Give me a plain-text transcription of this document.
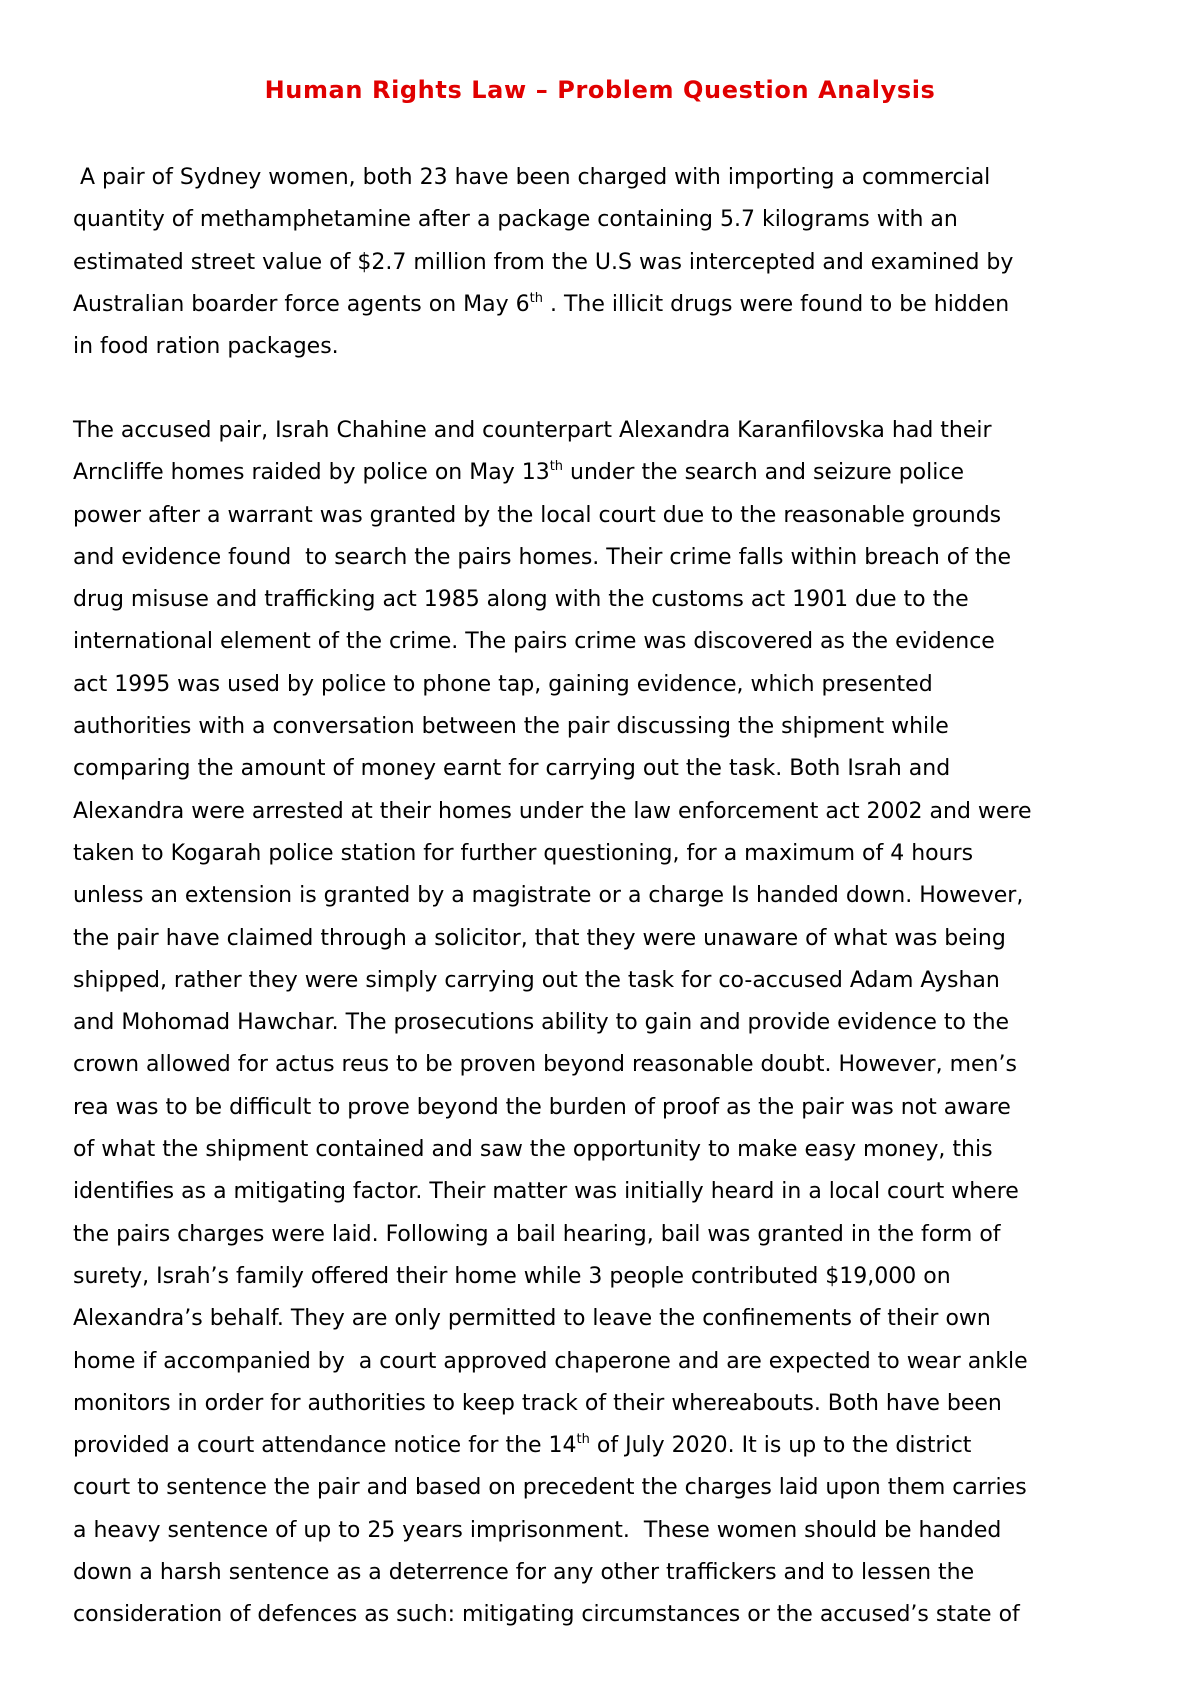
Human Rights Law – Problem Question Analysis
A pair of Sydney women, both 23 have been charged with importing a commercial
quantity of methamphetamine after a package containing 5.7 kilograms with an
estimated street value of $2.7 million from the U.S was intercepted and examined by
Australian boarder force agents on May 6th . The illicit drugs were found to be hidden
in food ration packages.
The accused pair, Israh Chahine and counterpart Alexandra Karanfilovska had their
Arncliffe homes raided by police on May 13th under the search and seizure police
power after a warrant was granted by the local court due to the reasonable grounds
and evidence found  to search the pairs homes. Their crime falls within breach of the
drug misuse and trafficking act 1985 along with the customs act 1901 due to the
international element of the crime. The pairs crime was discovered as the evidence
act 1995 was used by police to phone tap, gaining evidence, which presented
authorities with a conversation between the pair discussing the shipment while
comparing the amount of money earnt for carrying out the task. Both Israh and
Alexandra were arrested at their homes under the law enforcement act 2002 and were
taken to Kogarah police station for further questioning, for a maximum of 4 hours
unless an extension is granted by a magistrate or a charge Is handed down. However,
the pair have claimed through a solicitor, that they were unaware of what was being
shipped, rather they were simply carrying out the task for co-accused Adam Ayshan
and Mohomad Hawchar. The prosecutions ability to gain and provide evidence to the
crown allowed for actus reus to be proven beyond reasonable doubt. However, men’s
rea was to be difficult to prove beyond the burden of proof as the pair was not aware
of what the shipment contained and saw the opportunity to make easy money, this
identifies as a mitigating factor. Their matter was initially heard in a local court where
the pairs charges were laid. Following a bail hearing, bail was granted in the form of
surety, Israh’s family offered their home while 3 people contributed $19,000 on
Alexandra’s behalf. They are only permitted to leave the confinements of their own
home if accompanied by  a court approved chaperone and are expected to wear ankle
monitors in order for authorities to keep track of their whereabouts. Both have been
provided a court attendance notice for the 14th of July 2020. It is up to the district
court to sentence the pair and based on precedent the charges laid upon them carries
a heavy sentence of up to 25 years imprisonment.  These women should be handed
down a harsh sentence as a deterrence for any other traffickers and to lessen the
consideration of defences as such: mitigating circumstances or the accused’s state of
